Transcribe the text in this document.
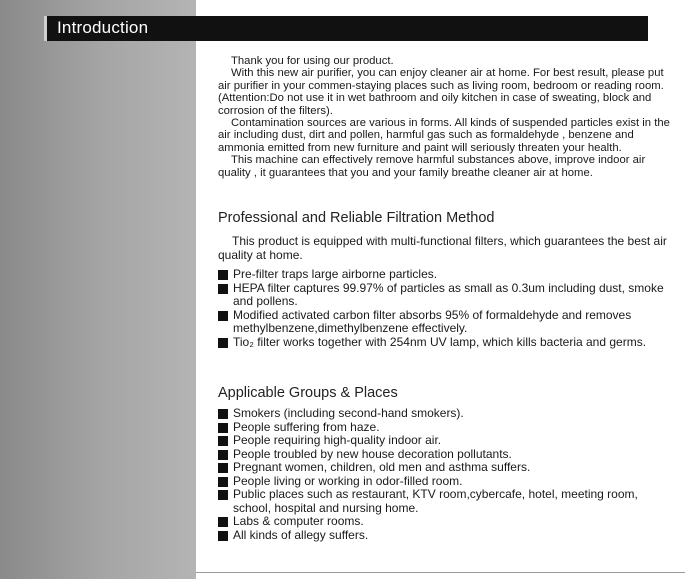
Introduction

Thank you for using our product.

With this new air purifier, you can enjoy cleaner air at home. For best result, please put air purifier in your commen-staying places such as living room, bedroom or reading room.(Attention:Do not use it in wet bathroom and oily kitchen in case of sweating, block and corrosion of the filters).

Contamination sources are various in forms. All kinds of suspended particles exist in the air including dust, dirt and pollen, harmful gas such as formaldehyde , benzene and ammonia emitted from new furniture and paint will seriously threaten your health.

This machine can effectively remove harmful substances above, improve indoor air quality , it guarantees that you and your family breathe cleaner air at home.

Professional and Reliable Filtration Method

This product is equipped with multi-functional filters, which guarantees the best air quality at home.

Pre-filter traps large airborne particles.
HEPA filter captures 99.97% of particles as small as 0.3um including dust, smoke and pollens.
Modified activated carbon filter absorbs 95% of formaldehyde and removes methylbenzene,dimethylbenzene effectively.
Tio₂ filter works together with 254nm UV lamp, which kills bacteria and germs.
Applicable Groups & Places
Smokers (including second-hand smokers).
People suffering from haze.
People requiring high-quality indoor air.
People troubled by new house decoration pollutants.
Pregnant women, children, old men and asthma suffers.
People living or working in odor-filled room.
Public places such as restaurant, KTV room,cybercafe, hotel, meeting room, school, hospital and nursing home.
Labs & computer rooms.
All kinds of allegy suffers.
